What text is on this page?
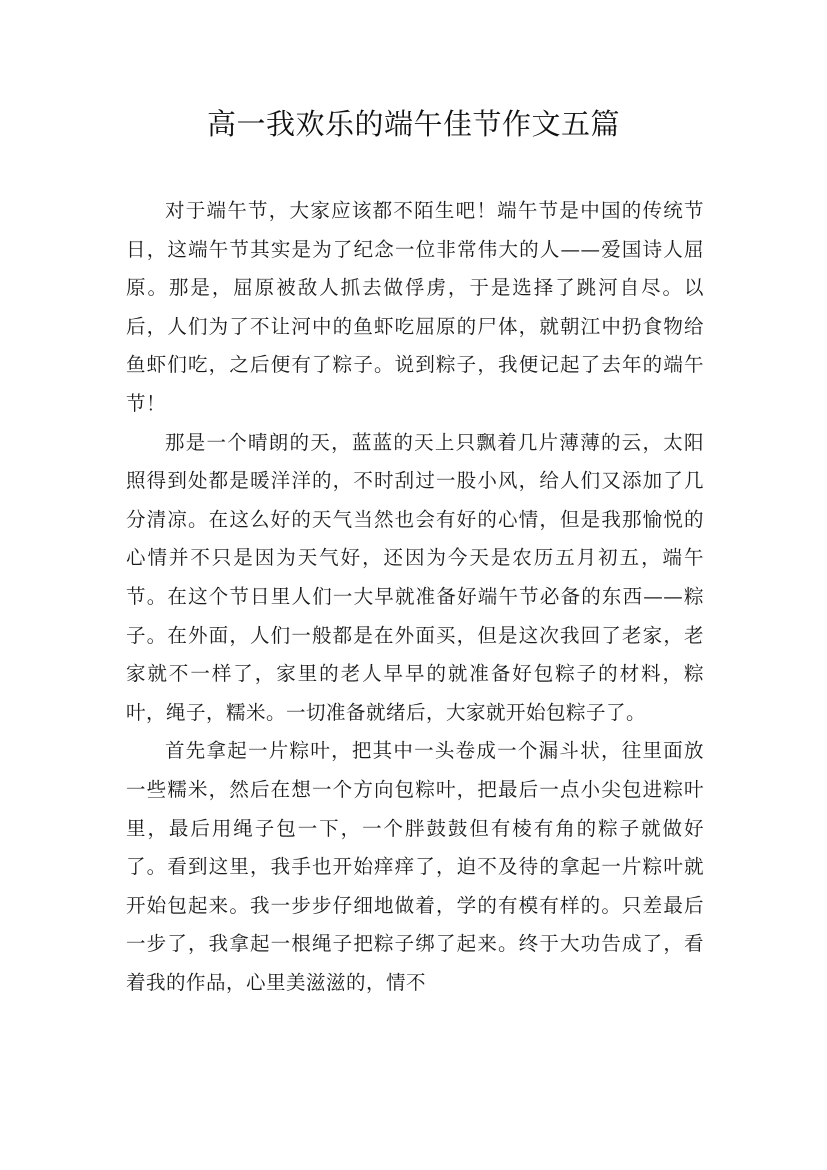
高一我欢乐的端午佳节作文五篇

对于端午节，大家应该都不陌生吧！端午节是中国的传统节日，这端午节其实是为了纪念一位非常伟大的人——爱国诗人屈原。那是，屈原被敌人抓去做俘虏，于是选择了跳河自尽。以后，人们为了不让河中的鱼虾吃屈原的尸体，就朝江中扔食物给鱼虾们吃，之后便有了粽子。说到粽子，我便记起了去年的端午节！

那是一个晴朗的天，蓝蓝的天上只飘着几片薄薄的云，太阳照得到处都是暖洋洋的，不时刮过一股小风，给人们又添加了几分清凉。在这么好的天气当然也会有好的心情，但是我那愉悦的心情并不只是因为天气好，还因为今天是农历五月初五，端午节。在这个节日里人们一大早就准备好端午节必备的东西——粽子。在外面，人们一般都是在外面买，但是这次我回了老家，老家就不一样了，家里的老人早早的就准备好包粽子的材料，粽叶，绳子，糯米。一切准备就绪后，大家就开始包粽子了。

首先拿起一片粽叶，把其中一头卷成一个漏斗状，往里面放一些糯米，然后在想一个方向包粽叶，把最后一点小尖包进粽叶里，最后用绳子包一下，一个胖鼓鼓但有棱有角的粽子就做好了。看到这里，我手也开始痒痒了，迫不及待的拿起一片粽叶就开始包起来。我一步步仔细地做着，学的有模有样的。只差最后一步了，我拿起一根绳子把粽子绑了起来。终于大功告成了，看着我的作品，心里美滋滋的，情不
